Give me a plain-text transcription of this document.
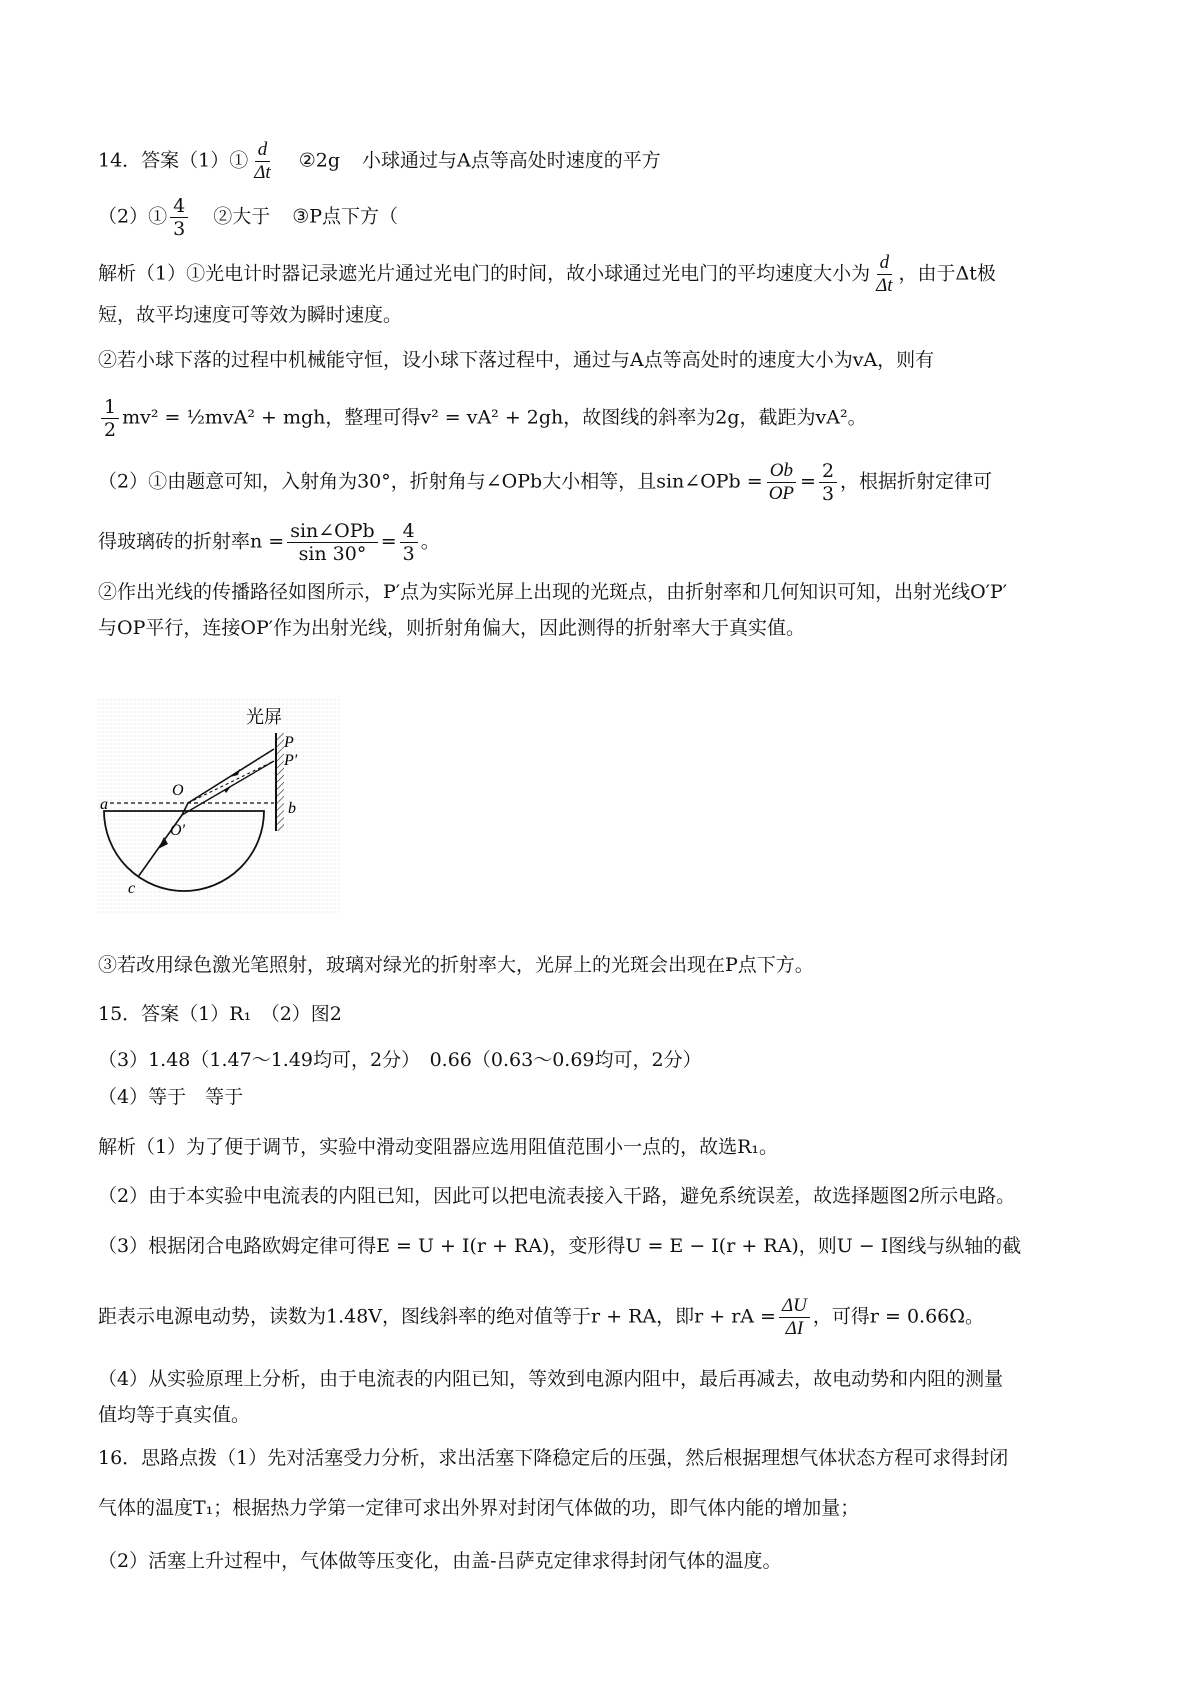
14．答案（1）① $\frac{d}{\Delta t}$ ②2g 小球通过与A点等高处时速度的平方
（2）① $\frac{4}{3}$ ②大于 ③P点下方（
解析（1）①光电计时器记录遮光片通过光电门的时间，故小球通过光电门的平均速度大小为 $\frac{d}{\Delta t}$ ，由于Δt极
短，故平均速度可等效为瞬时速度。
②若小球下落的过程中机械能守恒，设小球下落过程中，通过与A点等高处时的速度大小为vA，则有
$\frac{1}{2} mv^2$ = ½mvA² + mgh，整理可得v² = vA² + 2gh，故图线的斜率为2g，截距为vA²。
（2）①由题意可知，入射角为30°，折射角与∠OPb大小相等，且sin∠OPb = $\frac{Ob}{OP} = \frac{2}{3}$ ，根据折射定律可
得玻璃砖的折射率$n = \frac{\text{sin∠OPb}}{\sin 30^\circ} = \frac{4}{3}$ 。
②作出光线的传播路径如图所示，P′点为实际光屏上出现的光斑点，由折射率和几何知识可知，出射光线O′P′
与OP平行，连接OP′作为出射光线，则折射角偏大，因此测得的折射率大于真实值。
光屏
P
P′
O
O′
a	b
c
③若改用绿色激光笔照射，玻璃对绿光的折射率大，光屏上的光斑会出现在P点下方。
15．答案（1）R₁　（2）图2
（3）1.48（1.47～1.49均可，2分）　0.66（0.63～0.69均可，2分）
（4）等于　等于
解析（1）为了便于调节，实验中滑动变阻器应选用阻值范围小一点的，故选R₁。
（2）由于本实验中电流表的内阻已知，因此可以把电流表接入干路，避免系统误差，故选择题图2所示电路。
（3）根据闭合电路欧姆定律可得E = U + I(r + RA)，变形得U = E − I(r + RA)，则U − I图线与纵轴的截
距表示电源电动势，读数为1.48V，图线斜率的绝对值等于r + RA，即r + rA = $\frac{\Delta U}{\Delta I}$ ，可得r = 0.66Ω。
（4）从实验原理上分析，由于电流表的内阻已知，等效到电源内阻中，最后再减去，故电动势和内阻的测量
值均等于真实值。
16．思路点拨（1）先对活塞受力分析，求出活塞下降稳定后的压强，然后根据理想气体状态方程可求得封闭
气体的温度T₁；根据热力学第一定律可求出外界对封闭气体做的功，即气体内能的增加量；
（2）活塞上升过程中，气体做等压变化，由盖-吕萨克定律求得封闭气体的温度。
